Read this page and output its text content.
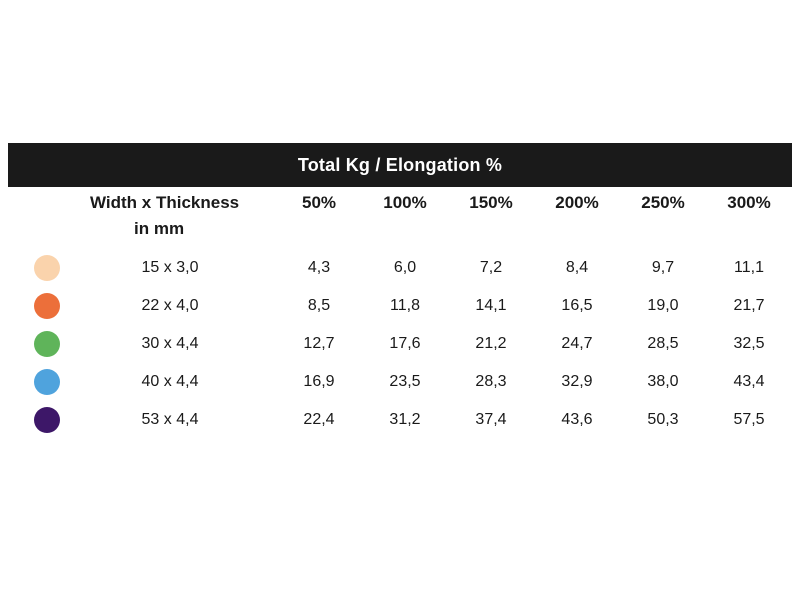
Total Kg / Elongation %							
	Width x Thickness	50%	100%	150%	200%	250%	300%
	in mm						
	15 x 3,0	4,3	6,0	7,2	8,4	9,7	11,1
	22 x 4,0	8,5	11,8	14,1	16,5	19,0	21,7
	30 x 4,4	12,7	17,6	21,2	24,7	28,5	32,5
	40 x 4,4	16,9	23,5	28,3	32,9	38,0	43,4
	53 x 4,4	22,4	31,2	37,4	43,6	50,3	57,5
